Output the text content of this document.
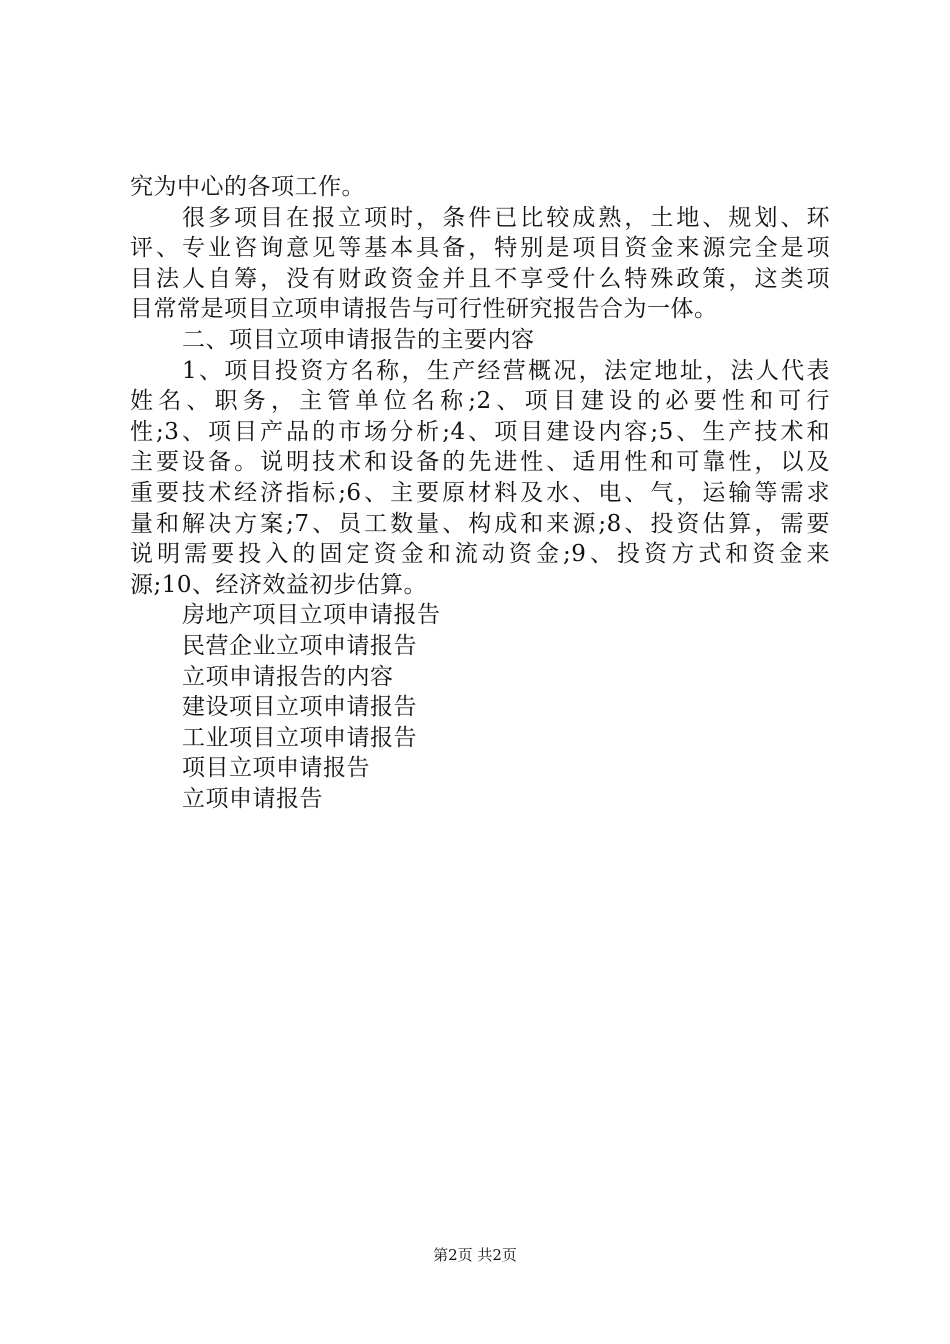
究为中心的各项工作。
很多项目在报立项时，条件已比较成熟，土地、规划、环
评、专业咨询意见等基本具备，特别是项目资金来源完全是项
目法人自筹，没有财政资金并且不享受什么特殊政策，这类项
目常常是项目立项申请报告与可行性研究报告合为一体。
二、项目立项申请报告的主要内容
1、项目投资方名称，生产经营概况，法定地址，法人代表
姓名、职务，主管单位名称;2、项目建设的必要性和可行
性;3、项目产品的市场分析;4、项目建设内容;5、生产技术和
主要设备。说明技术和设备的先进性、适用性和可靠性，以及
重要技术经济指标;6、主要原材料及水、电、气，运输等需求
量和解决方案;7、员工数量、构成和来源;8、投资估算，需要
说明需要投入的固定资金和流动资金;9、投资方式和资金来
源;10、经济效益初步估算。
房地产项目立项申请报告
民营企业立项申请报告
立项申请报告的内容
建设项目立项申请报告
工业项目立项申请报告
项目立项申请报告
立项申请报告
第2页 共2页
